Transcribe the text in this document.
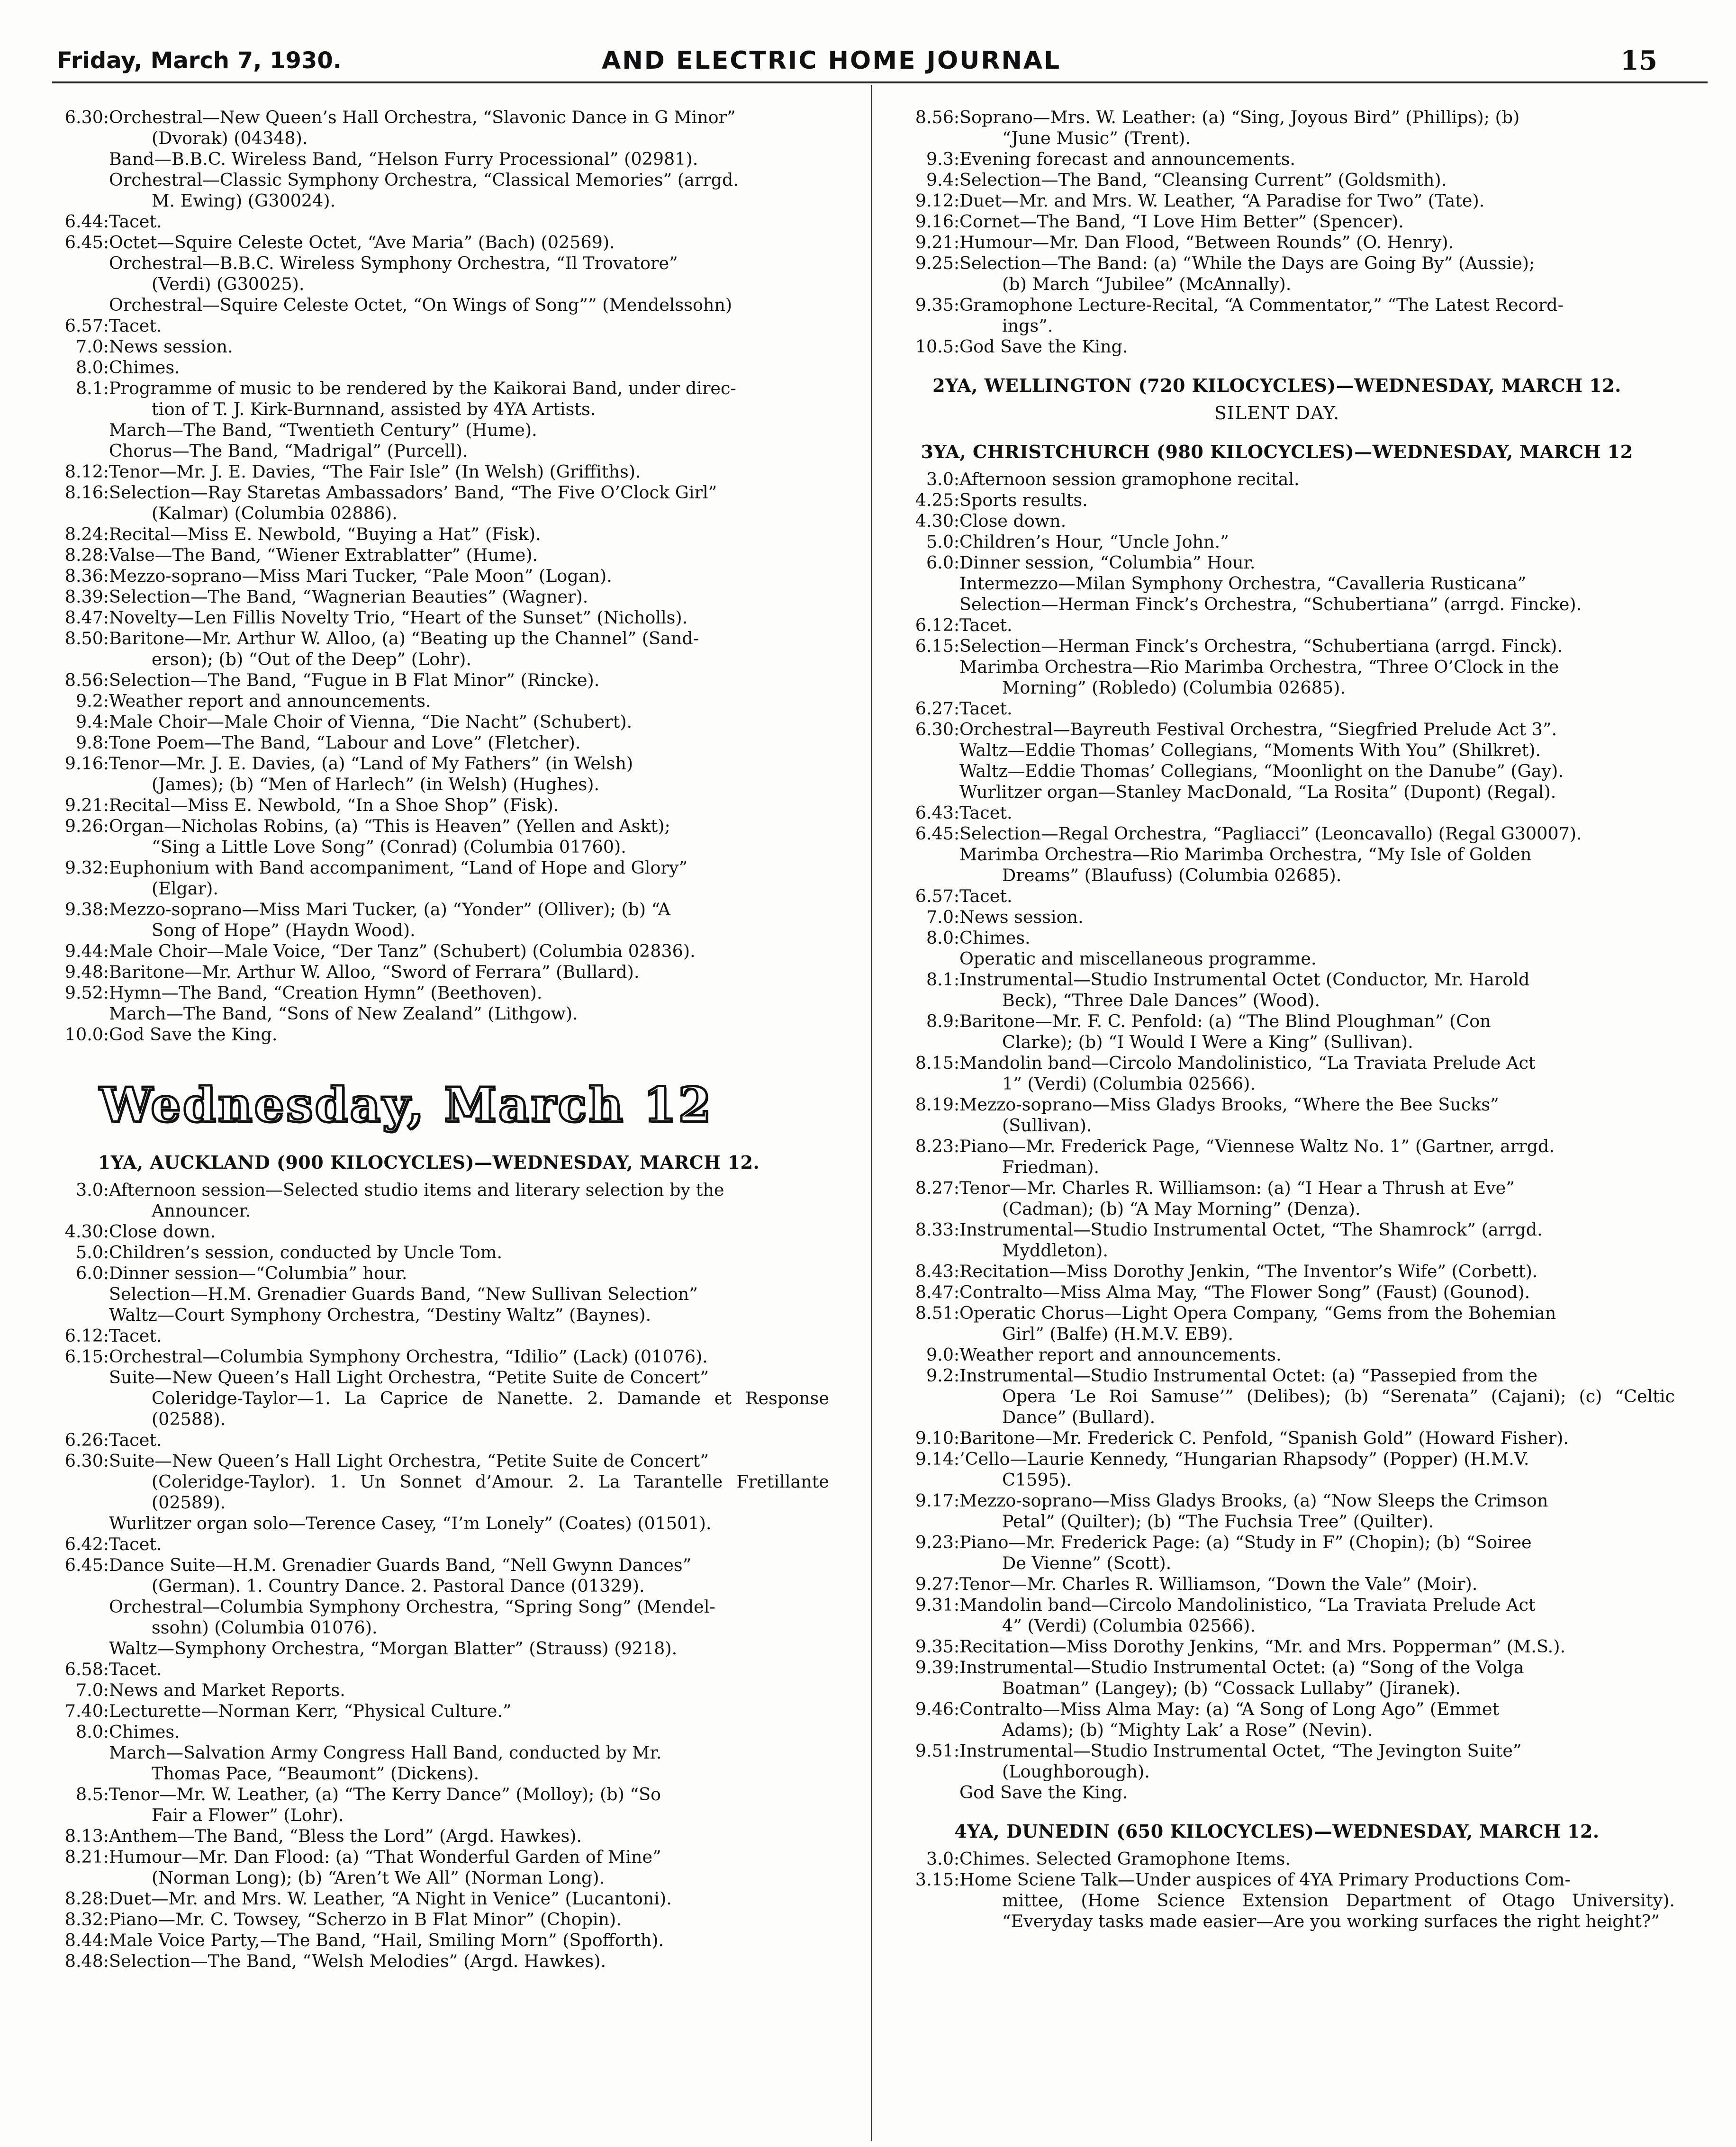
Friday, March 7, 1930.	AND ELECTRIC HOME JOURNAL	15
6.30 : Orchestral—New Queen’s Hall Orchestra, “Slavonic Dance in G Minor”
(Dvorak) (04348).
Band—B.B.C. Wireless Band, “Helson Furry Processional” (02981).
Orchestral—Classic Symphony Orchestra, “Classical Memories” (arrgd.
M. Ewing) (G30024).
6.44 : Tacet.
6.45 : Octet—Squire Celeste Octet, “Ave Maria” (Bach) (02569).
Orchestral—B.B.C. Wireless Symphony Orchestra, “Il Trovatore”
(Verdi) (G30025).
Orchestral—Squire Celeste Octet, “On Wings of Song”” (Mendelssohn)
6.57 : Tacet.
7.0 : News session.
8.0 : Chimes.
8.1 : Programme of music to be rendered by the Kaikorai Band, under direc-
tion of T. J. Kirk-Burnnand, assisted by 4YA Artists.
March—The Band, “Twentieth Century” (Hume).
Chorus—The Band, “Madrigal” (Purcell).
8.12 : Tenor—Mr. J. E. Davies, “The Fair Isle” (In Welsh) (Griffiths).
8.16 : Selection—Ray Staretas Ambassadors’ Band, “The Five O’Clock Girl”
(Kalmar) (Columbia 02886).
8.24 : Recital—Miss E. Newbold, “Buying a Hat” (Fisk).
8.28 : Valse—The Band, “Wiener Extrablatter” (Hume).
8.36 : Mezzo-soprano—Miss Mari Tucker, “Pale Moon” (Logan).
8.39 : Selection—The Band, “Wagnerian Beauties” (Wagner).
8.47 : Novelty—Len Fillis Novelty Trio, “Heart of the Sunset” (Nicholls).
8.50 : Baritone—Mr. Arthur W. Alloo, (a) “Beating up the Channel” (Sand-
erson); (b) “Out of the Deep” (Lohr).
8.56 : Selection—The Band, “Fugue in B Flat Minor” (Rincke).
9.2 : Weather report and announcements.
9.4 : Male Choir—Male Choir of Vienna, “Die Nacht” (Schubert).
9.8 : Tone Poem—The Band, “Labour and Love” (Fletcher).
9.16 : Tenor—Mr. J. E. Davies, (a) “Land of My Fathers” (in Welsh)
(James); (b) “Men of Harlech” (in Welsh) (Hughes).
9.21 : Recital—Miss E. Newbold, “In a Shoe Shop” (Fisk).
9.26 : Organ—Nicholas Robins, (a) “This is Heaven” (Yellen and Askt);
“Sing a Little Love Song” (Conrad) (Columbia 01760).
9.32 : Euphonium with Band accompaniment, “Land of Hope and Glory”
(Elgar).
9.38 : Mezzo-soprano—Miss Mari Tucker, (a) “Yonder” (Olliver); (b) “A
Song of Hope” (Haydn Wood).
9.44 : Male Choir—Male Voice, “Der Tanz” (Schubert) (Columbia 02836).
9.48 : Baritone—Mr. Arthur W. Alloo, “Sword of Ferrara” (Bullard).
9.52 : Hymn—The Band, “Creation Hymn” (Beethoven).
March—The Band, “Sons of New Zealand” (Lithgow).
10.0 : God Save the King.
Wednesday, March 12
1YA, AUCKLAND (900 KILOCYCLES)—WEDNESDAY, MARCH 12.
3.0 : Afternoon session—Selected studio items and literary selection by the
Announcer.
4.30 : Close down.
5.0 : Children’s session, conducted by Uncle Tom.
6.0 : Dinner session—“Columbia” hour.
Selection—H.M. Grenadier Guards Band, “New Sullivan Selection”
Waltz—Court Symphony Orchestra, “Destiny Waltz” (Baynes).
6.12 : Tacet.
6.15 : Orchestral—Columbia Symphony Orchestra, “Idilio” (Lack) (01076).
Suite—New Queen’s Hall Light Orchestra, “Petite Suite de Concert”
Coleridge-Taylor—1. La Caprice de Nanette. 2. Damande et Response (02588).
6.26 : Tacet.
6.30 : Suite—New Queen’s Hall Light Orchestra, “Petite Suite de Concert”
(Coleridge-Taylor). 1. Un Sonnet d’Amour. 2. La Tarantelle Fretillante (02589).
Wurlitzer organ solo—Terence Casey, “I’m Lonely” (Coates) (01501).
6.42 : Tacet.
6.45 : Dance Suite—H.M. Grenadier Guards Band, “Nell Gwynn Dances”
(German). 1. Country Dance. 2. Pastoral Dance (01329).
Orchestral—Columbia Symphony Orchestra, “Spring Song” (Mendel-
ssohn) (Columbia 01076).
Waltz—Symphony Orchestra, “Morgan Blatter” (Strauss) (9218).
6.58 : Tacet.
7.0 : News and Market Reports.
7.40 : Lecturette—Norman Kerr, “Physical Culture.”
8.0 : Chimes.
March—Salvation Army Congress Hall Band, conducted by Mr.
Thomas Pace, “Beaumont” (Dickens).
8.5 : Tenor—Mr. W. Leather, (a) “The Kerry Dance” (Molloy); (b) “So
Fair a Flower” (Lohr).
8.13 : Anthem—The Band, “Bless the Lord” (Argd. Hawkes).
8.21 : Humour—Mr. Dan Flood: (a) “That Wonderful Garden of Mine”
(Norman Long); (b) “Aren’t We All” (Norman Long).
8.28 : Duet—Mr. and Mrs. W. Leather, “A Night in Venice” (Lucantoni).
8.32 : Piano—Mr. C. Towsey, “Scherzo in B Flat Minor” (Chopin).
8.44 : Male Voice Party,—The Band, “Hail, Smiling Morn” (Spofforth).
8.48 : Selection—The Band, “Welsh Melodies” (Argd. Hawkes).
8.56 : Soprano—Mrs. W. Leather: (a) “Sing, Joyous Bird” (Phillips); (b)
“June Music” (Trent).
9.3 : Evening forecast and announcements.
9.4 : Selection—The Band, “Cleansing Current” (Goldsmith).
9.12 : Duet—Mr. and Mrs. W. Leather, “A Paradise for Two” (Tate).
9.16 : Cornet—The Band, “I Love Him Better” (Spencer).
9.21 : Humour—Mr. Dan Flood, “Between Rounds” (O. Henry).
9.25 : Selection—The Band: (a) “While the Days are Going By” (Aussie);
(b) March “Jubilee” (McAnnally).
9.35 : Gramophone Lecture-Recital, “A Commentator,” “The Latest Record-
ings”.
10.5 : God Save the King.
2YA, WELLINGTON (720 KILOCYCLES)—WEDNESDAY, MARCH 12.
SILENT DAY.
3YA, CHRISTCHURCH (980 KILOCYCLES)—WEDNESDAY, MARCH 12
3.0 : Afternoon session gramophone recital.
4.25 : Sports results.
4.30 : Close down.
5.0 : Children’s Hour, “Uncle John.”
6.0 : Dinner session, “Columbia” Hour.
Intermezzo—Milan Symphony Orchestra, “Cavalleria Rusticana”
Selection—Herman Finck’s Orchestra, “Schubertiana” (arrgd. Fincke).
6.12 : Tacet.
6.15 : Selection—Herman Finck’s Orchestra, “Schubertiana (arrgd. Finck).
Marimba Orchestra—Rio Marimba Orchestra, “Three O’Clock in the
Morning” (Robledo) (Columbia 02685).
6.27 : Tacet.
6.30 : Orchestral—Bayreuth Festival Orchestra, “Siegfried Prelude Act 3”.
Waltz—Eddie Thomas’ Collegians, “Moments With You” (Shilkret).
Waltz—Eddie Thomas’ Collegians, “Moonlight on the Danube” (Gay).
Wurlitzer organ—Stanley MacDonald, “La Rosita” (Dupont) (Regal).
6.43 : Tacet.
6.45 : Selection—Regal Orchestra, “Pagliacci” (Leoncavallo) (Regal G30007).
Marimba Orchestra—Rio Marimba Orchestra, “My Isle of Golden
Dreams” (Blaufuss) (Columbia 02685).
6.57 : Tacet.
7.0 : News session.
8.0 : Chimes.
Operatic and miscellaneous programme.
8.1 : Instrumental—Studio Instrumental Octet (Conductor, Mr. Harold
Beck), “Three Dale Dances” (Wood).
8.9 : Baritone—Mr. F. C. Penfold: (a) “The Blind Ploughman” (Con
Clarke); (b) “I Would I Were a King” (Sullivan).
8.15 : Mandolin band—Circolo Mandolinistico, “La Traviata Prelude Act
1” (Verdi) (Columbia 02566).
8.19 : Mezzo-soprano—Miss Gladys Brooks, “Where the Bee Sucks”
(Sullivan).
8.23 : Piano—Mr. Frederick Page, “Viennese Waltz No. 1” (Gartner, arrgd.
Friedman).
8.27 : Tenor—Mr. Charles R. Williamson: (a) “I Hear a Thrush at Eve”
(Cadman); (b) “A May Morning” (Denza).
8.33 : Instrumental—Studio Instrumental Octet, “The Shamrock” (arrgd.
Myddleton).
8.43 : Recitation—Miss Dorothy Jenkin, “The Inventor’s Wife” (Corbett).
8.47 : Contralto—Miss Alma May, “The Flower Song” (Faust) (Gounod).
8.51 : Operatic Chorus—Light Opera Company, “Gems from the Bohemian
Girl” (Balfe) (H.M.V. EB9).
9.0 : Weather report and announcements.
9.2 : Instrumental—Studio Instrumental Octet: (a) “Passepied from the
Opera ‘Le Roi Samuse’” (Delibes); (b) “Serenata” (Cajani); (c) “Celtic Dance” (Bullard).
9.10 : Baritone—Mr. Frederick C. Penfold, “Spanish Gold” (Howard Fisher).
9.14 : ’Cello—Laurie Kennedy, “Hungarian Rhapsody” (Popper) (H.M.V.
C1595).
9.17 : Mezzo-soprano—Miss Gladys Brooks, (a) “Now Sleeps the Crimson
Petal” (Quilter); (b) “The Fuchsia Tree” (Quilter).
9.23 : Piano—Mr. Frederick Page: (a) “Study in F” (Chopin); (b) “Soiree
De Vienne” (Scott).
9.27 : Tenor—Mr. Charles R. Williamson, “Down the Vale” (Moir).
9.31 : Mandolin band—Circolo Mandolinistico, “La Traviata Prelude Act
4” (Verdi) (Columbia 02566).
9.35 : Recitation—Miss Dorothy Jenkins, “Mr. and Mrs. Popperman” (M.S.).
9.39 : Instrumental—Studio Instrumental Octet: (a) “Song of the Volga
Boatman” (Langey); (b) “Cossack Lullaby” (Jiranek).
9.46 : Contralto—Miss Alma May: (a) “A Song of Long Ago” (Emmet
Adams); (b) “Mighty Lak’ a Rose” (Nevin).
9.51 : Instrumental—Studio Instrumental Octet, “The Jevington Suite”
(Loughborough).
God Save the King.
4YA, DUNEDIN (650 KILOCYCLES)—WEDNESDAY, MARCH 12.
3.0 : Chimes. Selected Gramophone Items.
3.15 : Home Sciene Talk—Under auspices of 4YA Primary Productions Com-
mittee, (Home Science Extension Department of Otago University). “Everyday tasks made easier—Are you working surfaces the right height?”
